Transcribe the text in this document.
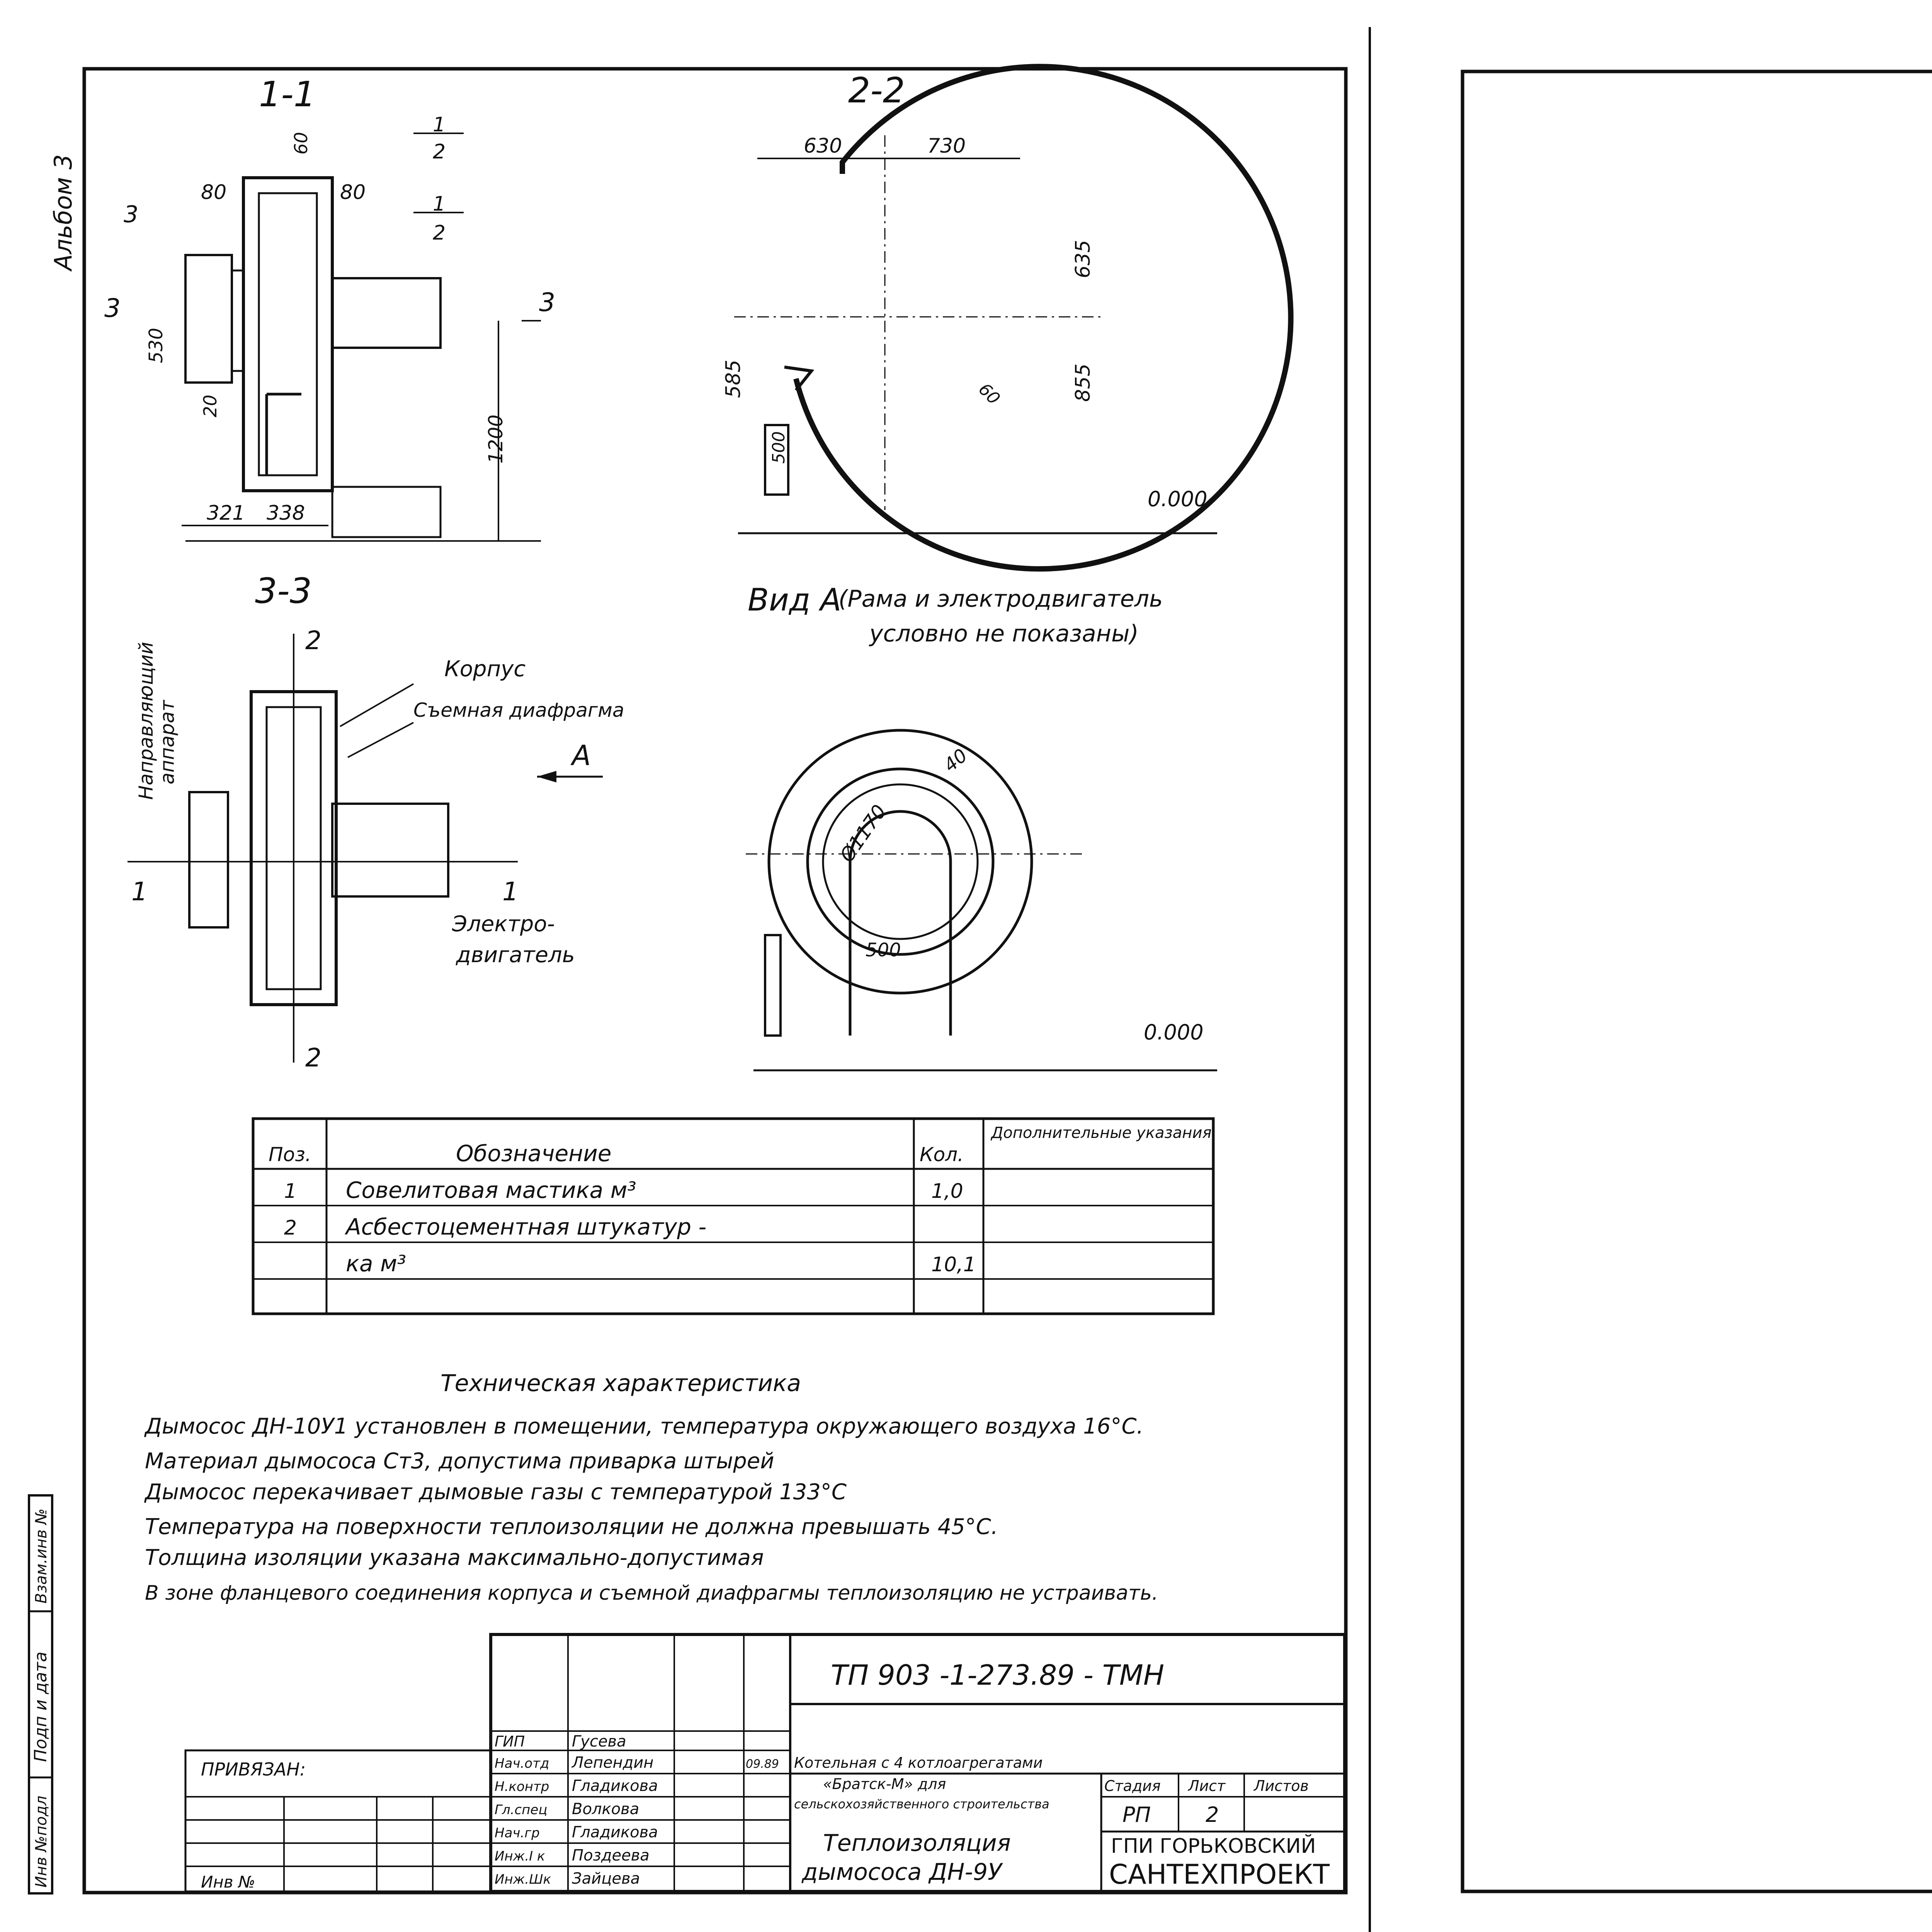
Альбом 3
1-1
60
80	80
530
20
1200
321 338
3
1
2
1
2
3	3
2-2
630	730
635
585	855
500
60
0.000
3-3
2
2
1
1
Корпус
Съемная диафрагма
А
Направляющий
аппарат
Электро-
двигатель
Вид А
(Рама и электродвигатель
условно не показаны)
Ø1170
40
500
0.000
Поз.	Обозначение	Кол.
Дополнительные указания
1 Совелитовая мастика м³	1,0
2 Асбестоцементная штукатур -
ка м³	10,1
Техническая характеристика
Дымосос ДН-10У1 установлен в помещении, температура окружающего воздуха 16°С.
Материал дымососа Ст3, допустима приварка штырей
Дымосос перекачивает дымовые газы с температурой 133°С
Температура на поверхности теплоизоляции не должна превышать 45°С.
Толщина изоляции указана максимально-допустимая
В зоне фланцевого соединения корпуса и съемной диафрагмы теплоизоляцию не устраивать.
Инв №подл
Подп и дата
Взам.инв №
ПРИВЯЗАН:
Инв №
ТП 903 -1-273.89 - ТМН
ГИП	Гусева
Нач.отд Лепендин
Н.контр Гладикова
Гл.спец Волкова
Нач.гр Гладикова
Инж.I к Поздеева
Инж.Шк Зайцева
09.89 Котельная с 4 котлоагрегатами
«Братск-М» для
сельскохозяйственного строительства
Стадия Лист Листов
РП	2
Теплоизоляция
дымососа ДН-9У
ГПИ ГОРЬКОВСКИЙ
САНТЕХПРОЕКТ
